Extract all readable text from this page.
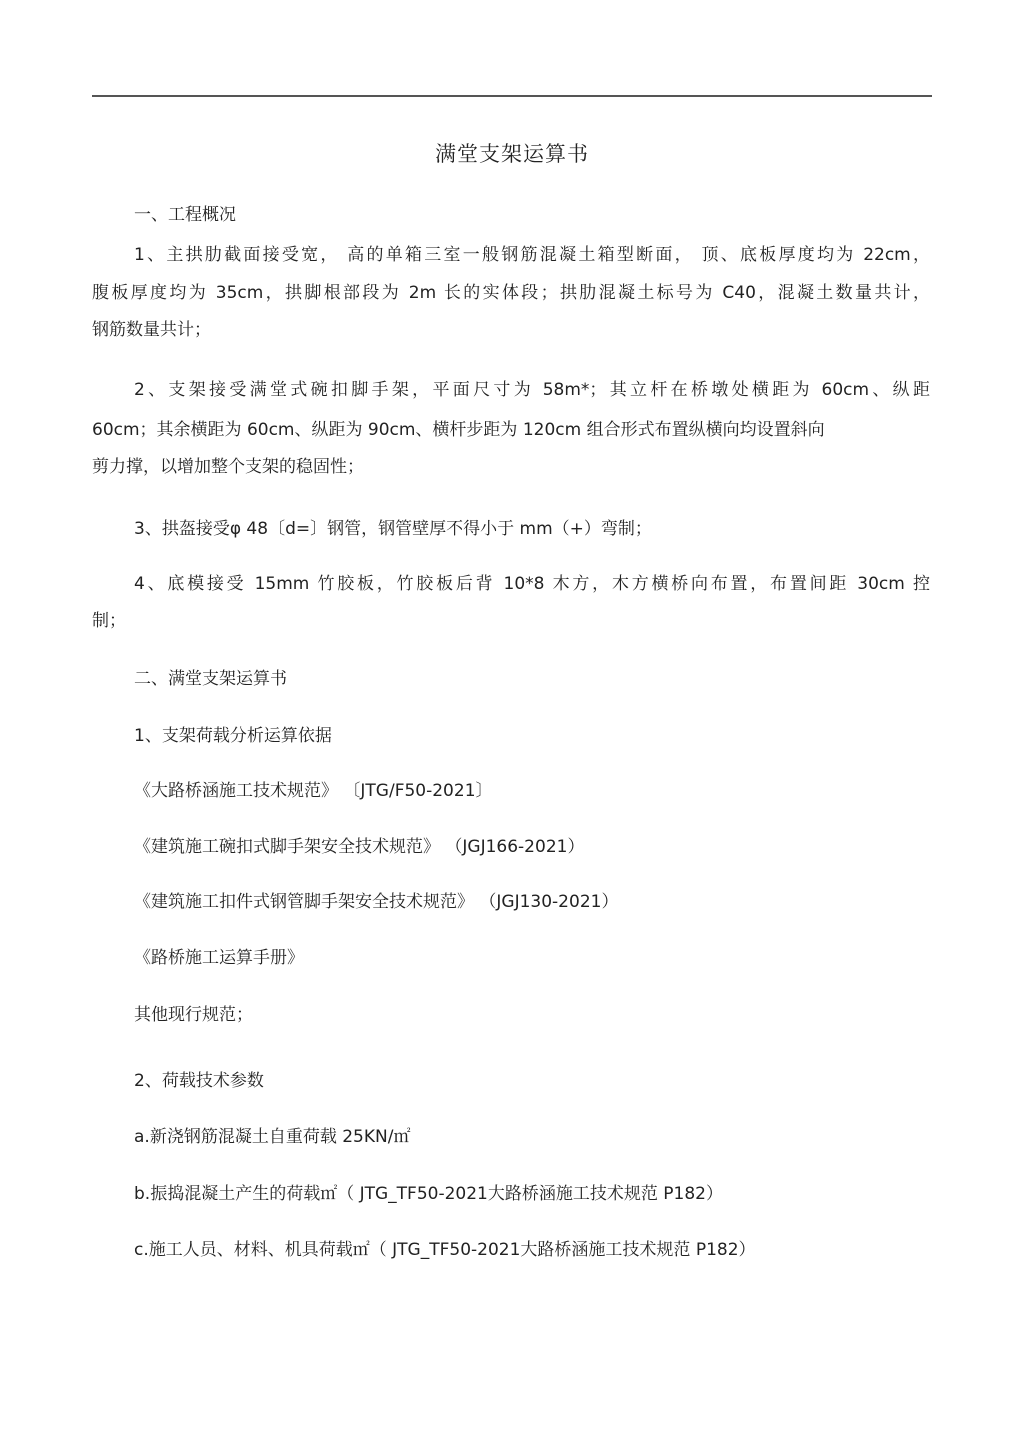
满堂支架运算书
一、工程概况
1、主拱肋截面接受宽， 高的单箱三室一般钢筋混凝土箱型断面， 顶、底板厚度均为 22cm，
腹板厚度均为 35cm，拱脚根部段为 2m 长的实体段；拱肋混凝土标号为 C40，混凝土数量共计，
钢筋数量共计；
2、支架接受满堂式碗扣脚手架，平面尺寸为 58m*；其立杆在桥墩处横距为 60cm、纵距
60cm；其余横距为 60cm、纵距为 90cm、横杆步距为 120cm 组合形式布置纵横向均设置斜向
剪力撑，以增加整个支架的稳固性；
3、拱盔接受φ 48〔d=〕钢管，钢管壁厚不得小于 mm（+）弯制；
4、底模接受 15mm 竹胶板，竹胶板后背 10*8 木方，木方横桥向布置，布置间距 30cm 控
制；
二、满堂支架运算书
1、支架荷载分析运算依据
《大路桥涵施工技术规范》 〔JTG/F50-2021〕
《建筑施工碗扣式脚手架安全技术规范》 （JGJ166-2021）
《建筑施工扣件式钢管脚手架安全技术规范》 （JGJ130-2021）
《路桥施工运算手册》
其他现行规范；
2、荷载技术参数
a.新浇钢筋混凝土自重荷载 25KN/㎡
b.振捣混凝土产生的荷载㎡（ JTG_TF50-2021大路桥涵施工技术规范 P182）
c.施工人员、材料、机具荷载㎡（ JTG_TF50-2021大路桥涵施工技术规范 P182）
